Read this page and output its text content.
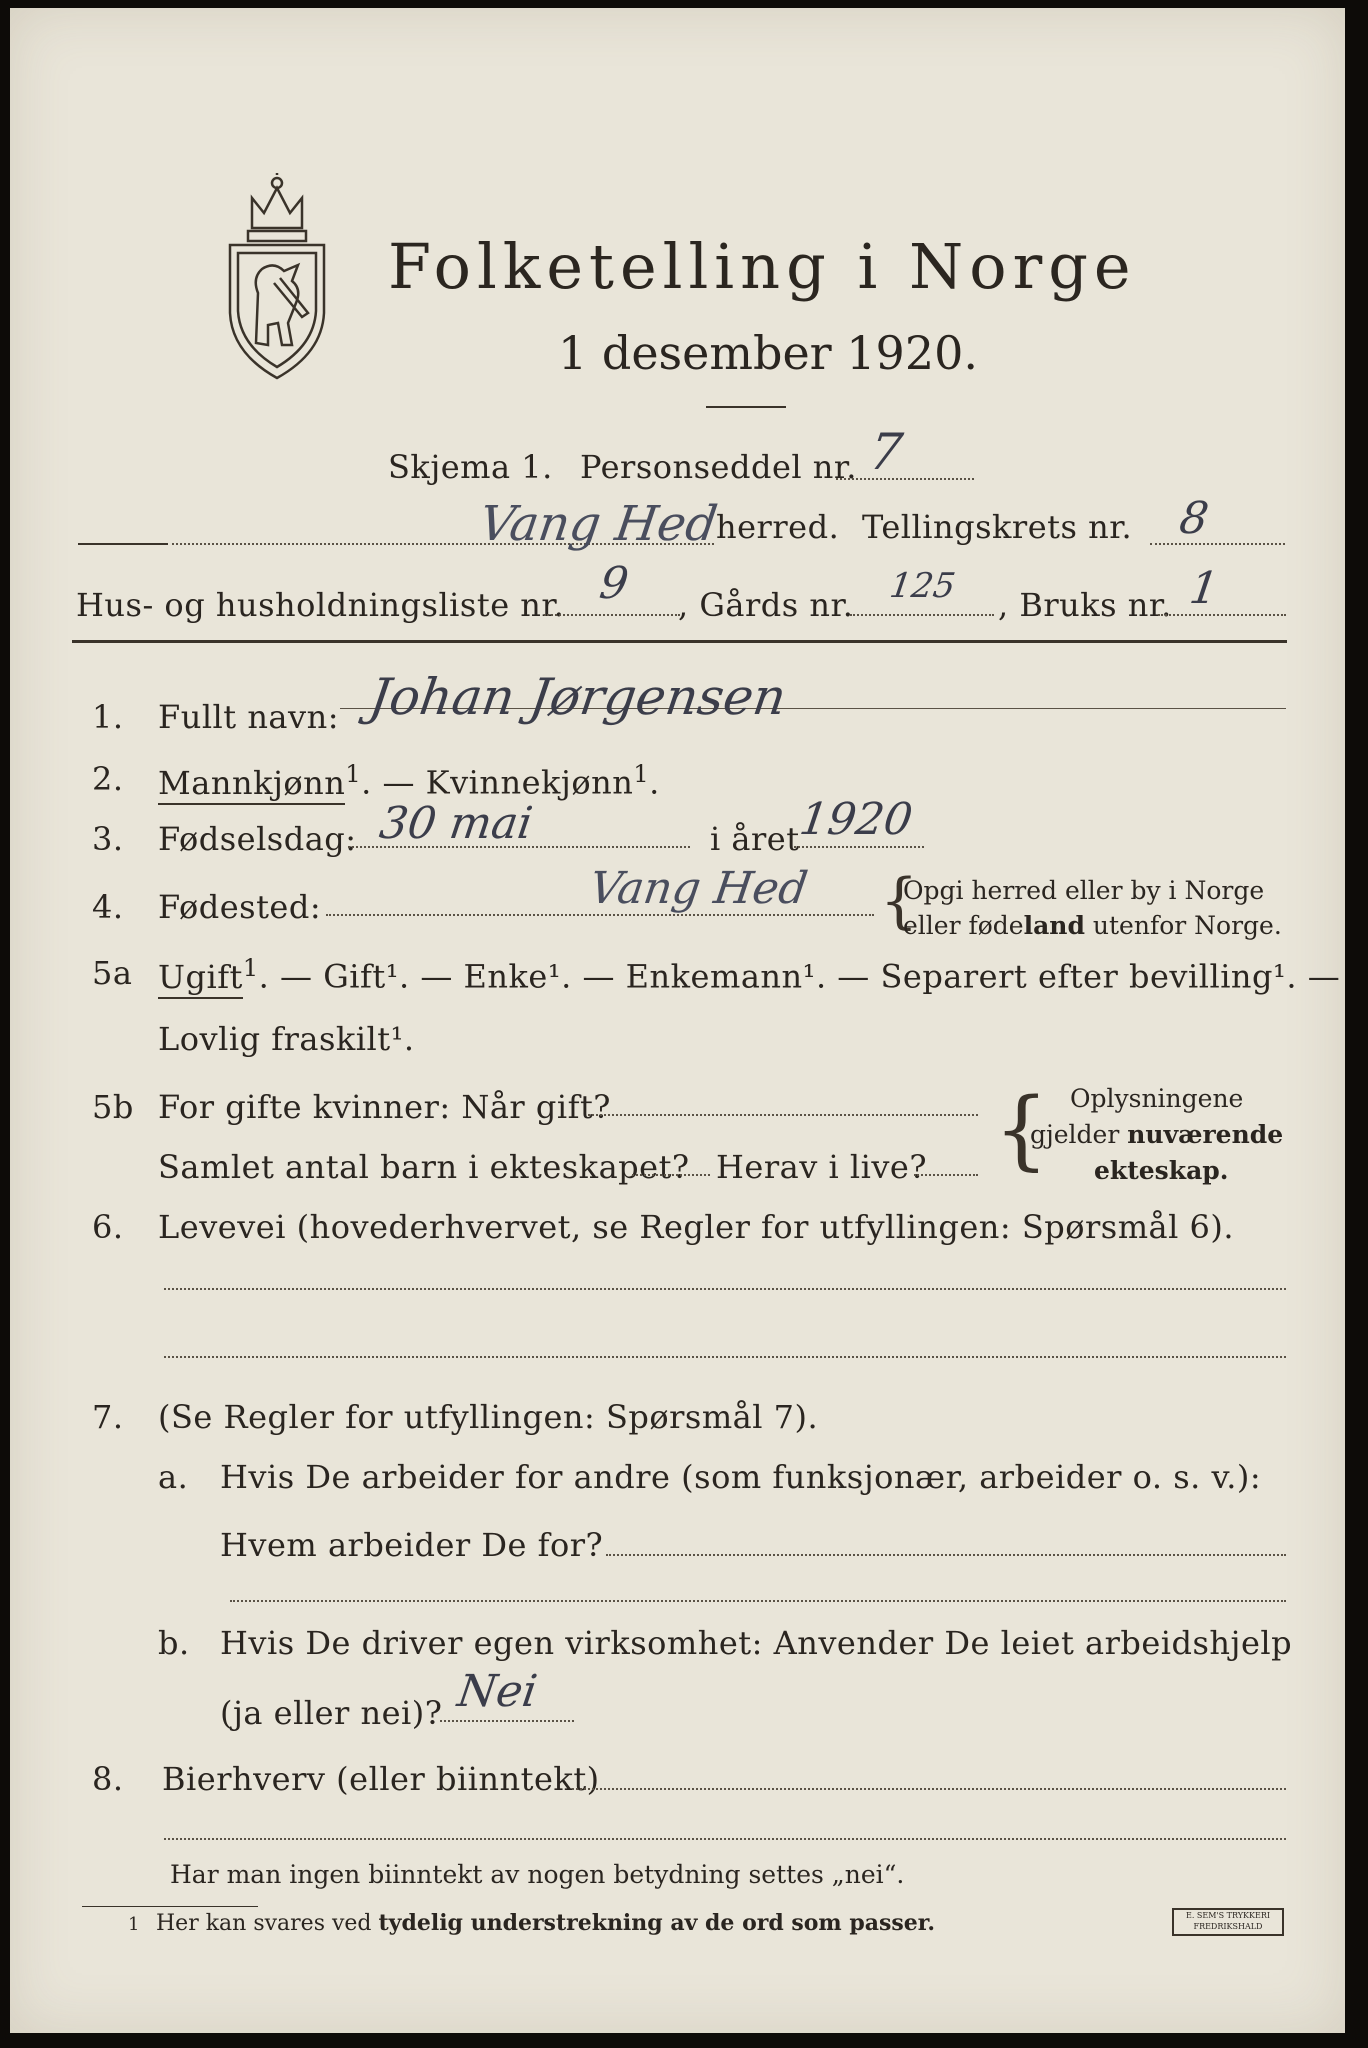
Folketelling i Norge
1 desember 1920.
Skjema 1. Personseddel nr. 7
Vang Hed
herred. Tellingskrets nr. 8
Hus- og husholdningsliste nr. 9 , Gårds nr. 125 , Bruks nr. 1
1. Fullt navn: Johan Jørgensen
2. Mannkjønn$^1$. — Kvinnekjønn$^1$.
3. Fødselsdag: 30 mai	i året
1920
4. Fødested:	Vang Hed {
Opgi herred eller by i Norge
eller fødeland utenfor Norge.
5a Ugift$^1$. — Gift¹. — Enke¹. — Enkemann¹. — Separert efter bevilling¹. —
Lovlig fraskilt¹.
5b For gifte kvinner: Når gift?
Samlet antal barn i ekteskapet? Herav i live? { Oplysningene
gjelder nuværende
ekteskap.
6. Levevei (hovederhvervet, se Regler for utfyllingen: Spørsmål 6).
7. (Se Regler for utfyllingen: Spørsmål 7).
a. Hvis De arbeider for andre (som funksjonær, arbeider o. s. v.):
Hvem arbeider De for?
b. Hvis De driver egen virksomhet: Anvender De leiet arbeidshjelp
(ja eller nei)? Nei
8. Bierhverv (eller biinntekt)
Har man ingen biinntekt av nogen betydning settes „nei“.
1 Her kan svares ved tydelig understrekning av de ord som passer.	E. SEM'S TRYKKERI
FREDRIKSHALD
